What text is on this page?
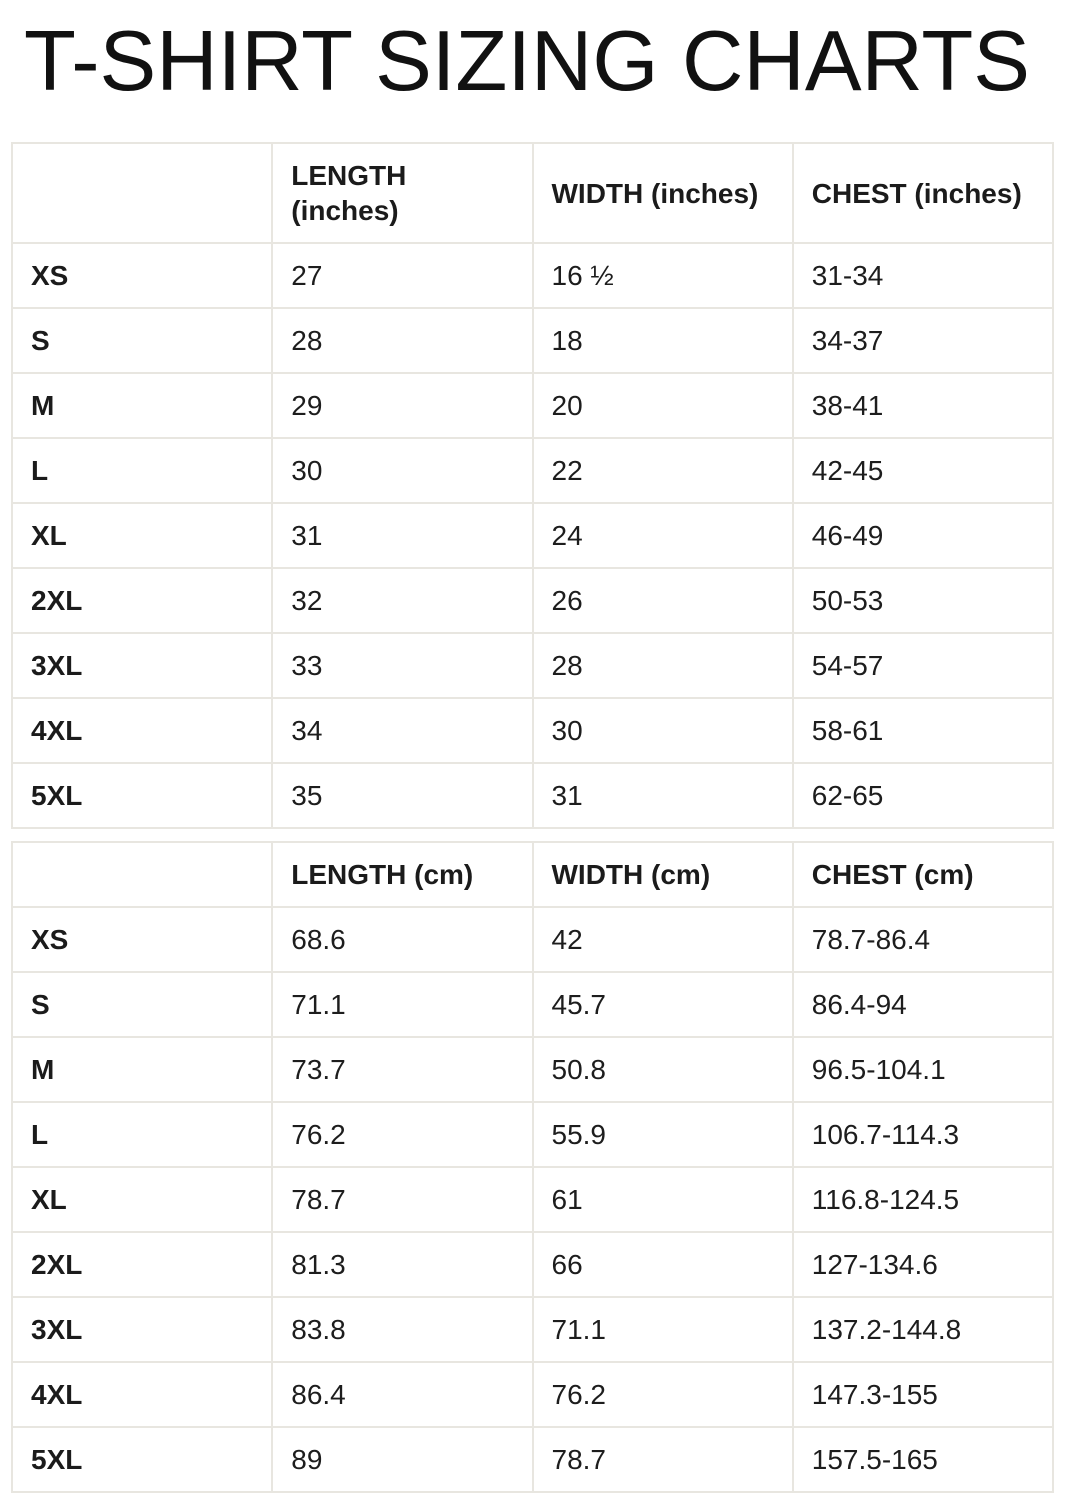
T-SHIRT SIZING CHARTS
	LENGTH (inches)	WIDTH (inches)	CHEST (inches)
XS	27	16 ½	31-34
S	28	18	34-37
M	29	20	38-41
L	30	22	42-45
XL	31	24	46-49
2XL	32	26	50-53
3XL	33	28	54-57
4XL	34	30	58-61
5XL	35	31	62-65
	LENGTH (cm)	WIDTH (cm)	CHEST (cm)
XS	68.6	42	78.7-86.4
S	71.1	45.7	86.4-94
M	73.7	50.8	96.5-104.1
L	76.2	55.9	106.7-114.3
XL	78.7	61	116.8-124.5
2XL	81.3	66	127-134.6
3XL	83.8	71.1	137.2-144.8
4XL	86.4	76.2	147.3-155
5XL	89	78.7	157.5-165
